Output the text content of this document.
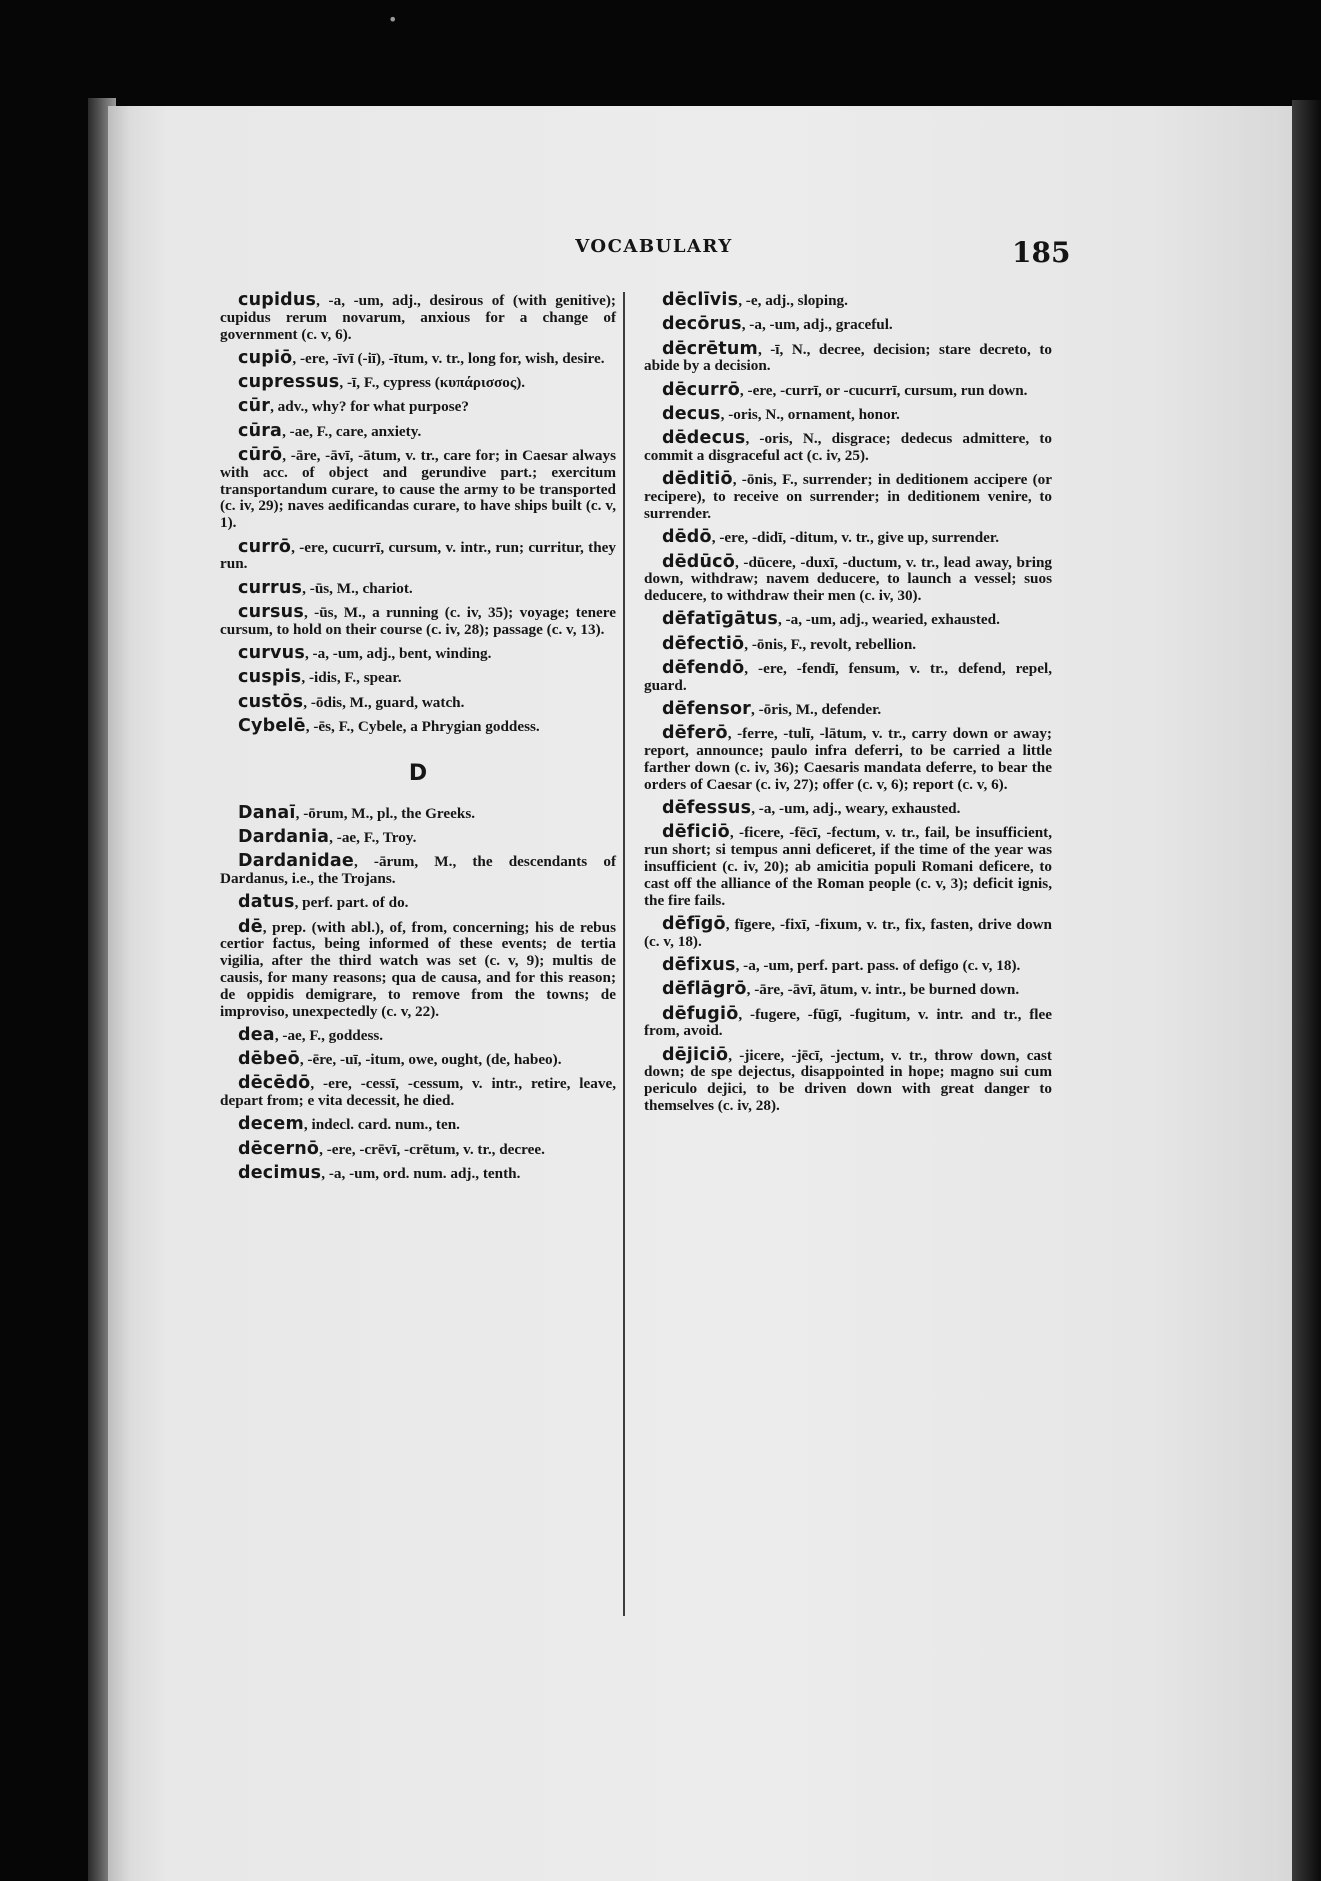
•
VOCABULARY	185

cupidus, -a, -um, adj., desirous of (with genitive); cupidus rerum novarum, anxious for a change of government (c. v, 6).

cupiō, -ere, -īvī (-iī), -ītum, v. tr., long for, wish, desire.

cupressus, -ī, F., cypress (κυπάρισσος).

cūr, adv., why? for what purpose?

cūra, -ae, F., care, anxiety.

cūrō, -āre, -āvī, -ātum, v. tr., care for; in Caesar always with acc. of object and gerundive part.; exercitum transportandum curare, to cause the army to be transported (c. iv, 29); naves aedificandas curare, to have ships built (c. v, 1).

currō, -ere, cucurrī, cursum, v. intr., run; curritur, they run.

currus, -ūs, M., chariot.

cursus, -ūs, M., a running (c. iv, 35); voyage; tenere cursum, to hold on their course (c. iv, 28); passage (c. v, 13).

curvus, -a, -um, adj., bent, winding.

cuspis, -idis, F., spear.

custōs, -ōdis, M., guard, watch.

Cybelē, -ēs, F., Cybele, a Phrygian goddess.

D

Danaī, -ōrum, M., pl., the Greeks.

Dardania, -ae, F., Troy.

Dardanidae, -ārum, M., the descendants of Dardanus, i.e., the Trojans.

datus, perf. part. of do.

dē, prep. (with abl.), of, from, concerning; his de rebus certior factus, being informed of these events; de tertia vigilia, after the third watch was set (c. v, 9); multis de causis, for many reasons; qua de causa, and for this reason; de oppidis demigrare, to remove from the towns; de improviso, unexpectedly (c. v, 22).

dea, -ae, F., goddess.

dēbeō, -ēre, -uī, -itum, owe, ought, (de, habeo).

dēcēdō, -ere, -cessī, -cessum, v. intr., retire, leave, depart from; e vita decessit, he died.

decem, indecl. card. num., ten.

dēcernō, -ere, -crēvī, -crētum, v. tr., decree.

decimus, -a, -um, ord. num. adj., tenth.

dēclīvis, -e, adj., sloping.

decōrus, -a, -um, adj., graceful.

dēcrētum, -ī, N., decree, decision; stare decreto, to abide by a decision.

dēcurrō, -ere, -currī, or -cucurrī, cursum, run down.

decus, -oris, N., ornament, honor.

dēdecus, -oris, N., disgrace; dedecus admittere, to commit a disgraceful act (c. iv, 25).

dēditiō, -ōnis, F., surrender; in deditionem accipere (or recipere), to receive on surrender; in deditionem venire, to surrender.

dēdō, -ere, -didī, -ditum, v. tr., give up, surrender.

dēdūcō, -dūcere, -duxī, -ductum, v. tr., lead away, bring down, withdraw; navem deducere, to launch a vessel; suos deducere, to withdraw their men (c. iv, 30).

dēfatīgātus, -a, -um, adj., wearied, exhausted.

dēfectiō, -ōnis, F., revolt, rebellion.

dēfendō, -ere, -fendī, fensum, v. tr., defend, repel, guard.

dēfensor, -ōris, M., defender.

dēferō, -ferre, -tulī, -lātum, v. tr., carry down or away; report, announce; paulo infra deferri, to be carried a little farther down (c. iv, 36); Caesaris mandata deferre, to bear the orders of Caesar (c. iv, 27); offer (c. v, 6); report (c. v, 6).

dēfessus, -a, -um, adj., weary, exhausted.

dēficiō, -ficere, -fēcī, -fectum, v. tr., fail, be insufficient, run short; si tempus anni deficeret, if the time of the year was insufficient (c. iv, 20); ab amicitia populi Romani deficere, to cast off the alliance of the Roman people (c. v, 3); deficit ignis, the fire fails.

dēfīgō, fīgere, -fixī, -fixum, v. tr., fix, fasten, drive down (c. v, 18).

dēfixus, -a, -um, perf. part. pass. of defigo (c. v, 18).

dēflāgrō, -āre, -āvī, ātum, v. intr., be burned down.

dēfugiō, -fugere, -fūgī, -fugitum, v. intr. and tr., flee from, avoid.

dējiciō, -jicere, -jēcī, -jectum, v. tr., throw down, cast down; de spe dejectus, disappointed in hope; magno sui cum periculo dejici, to be driven down with great danger to themselves (c. iv, 28).
